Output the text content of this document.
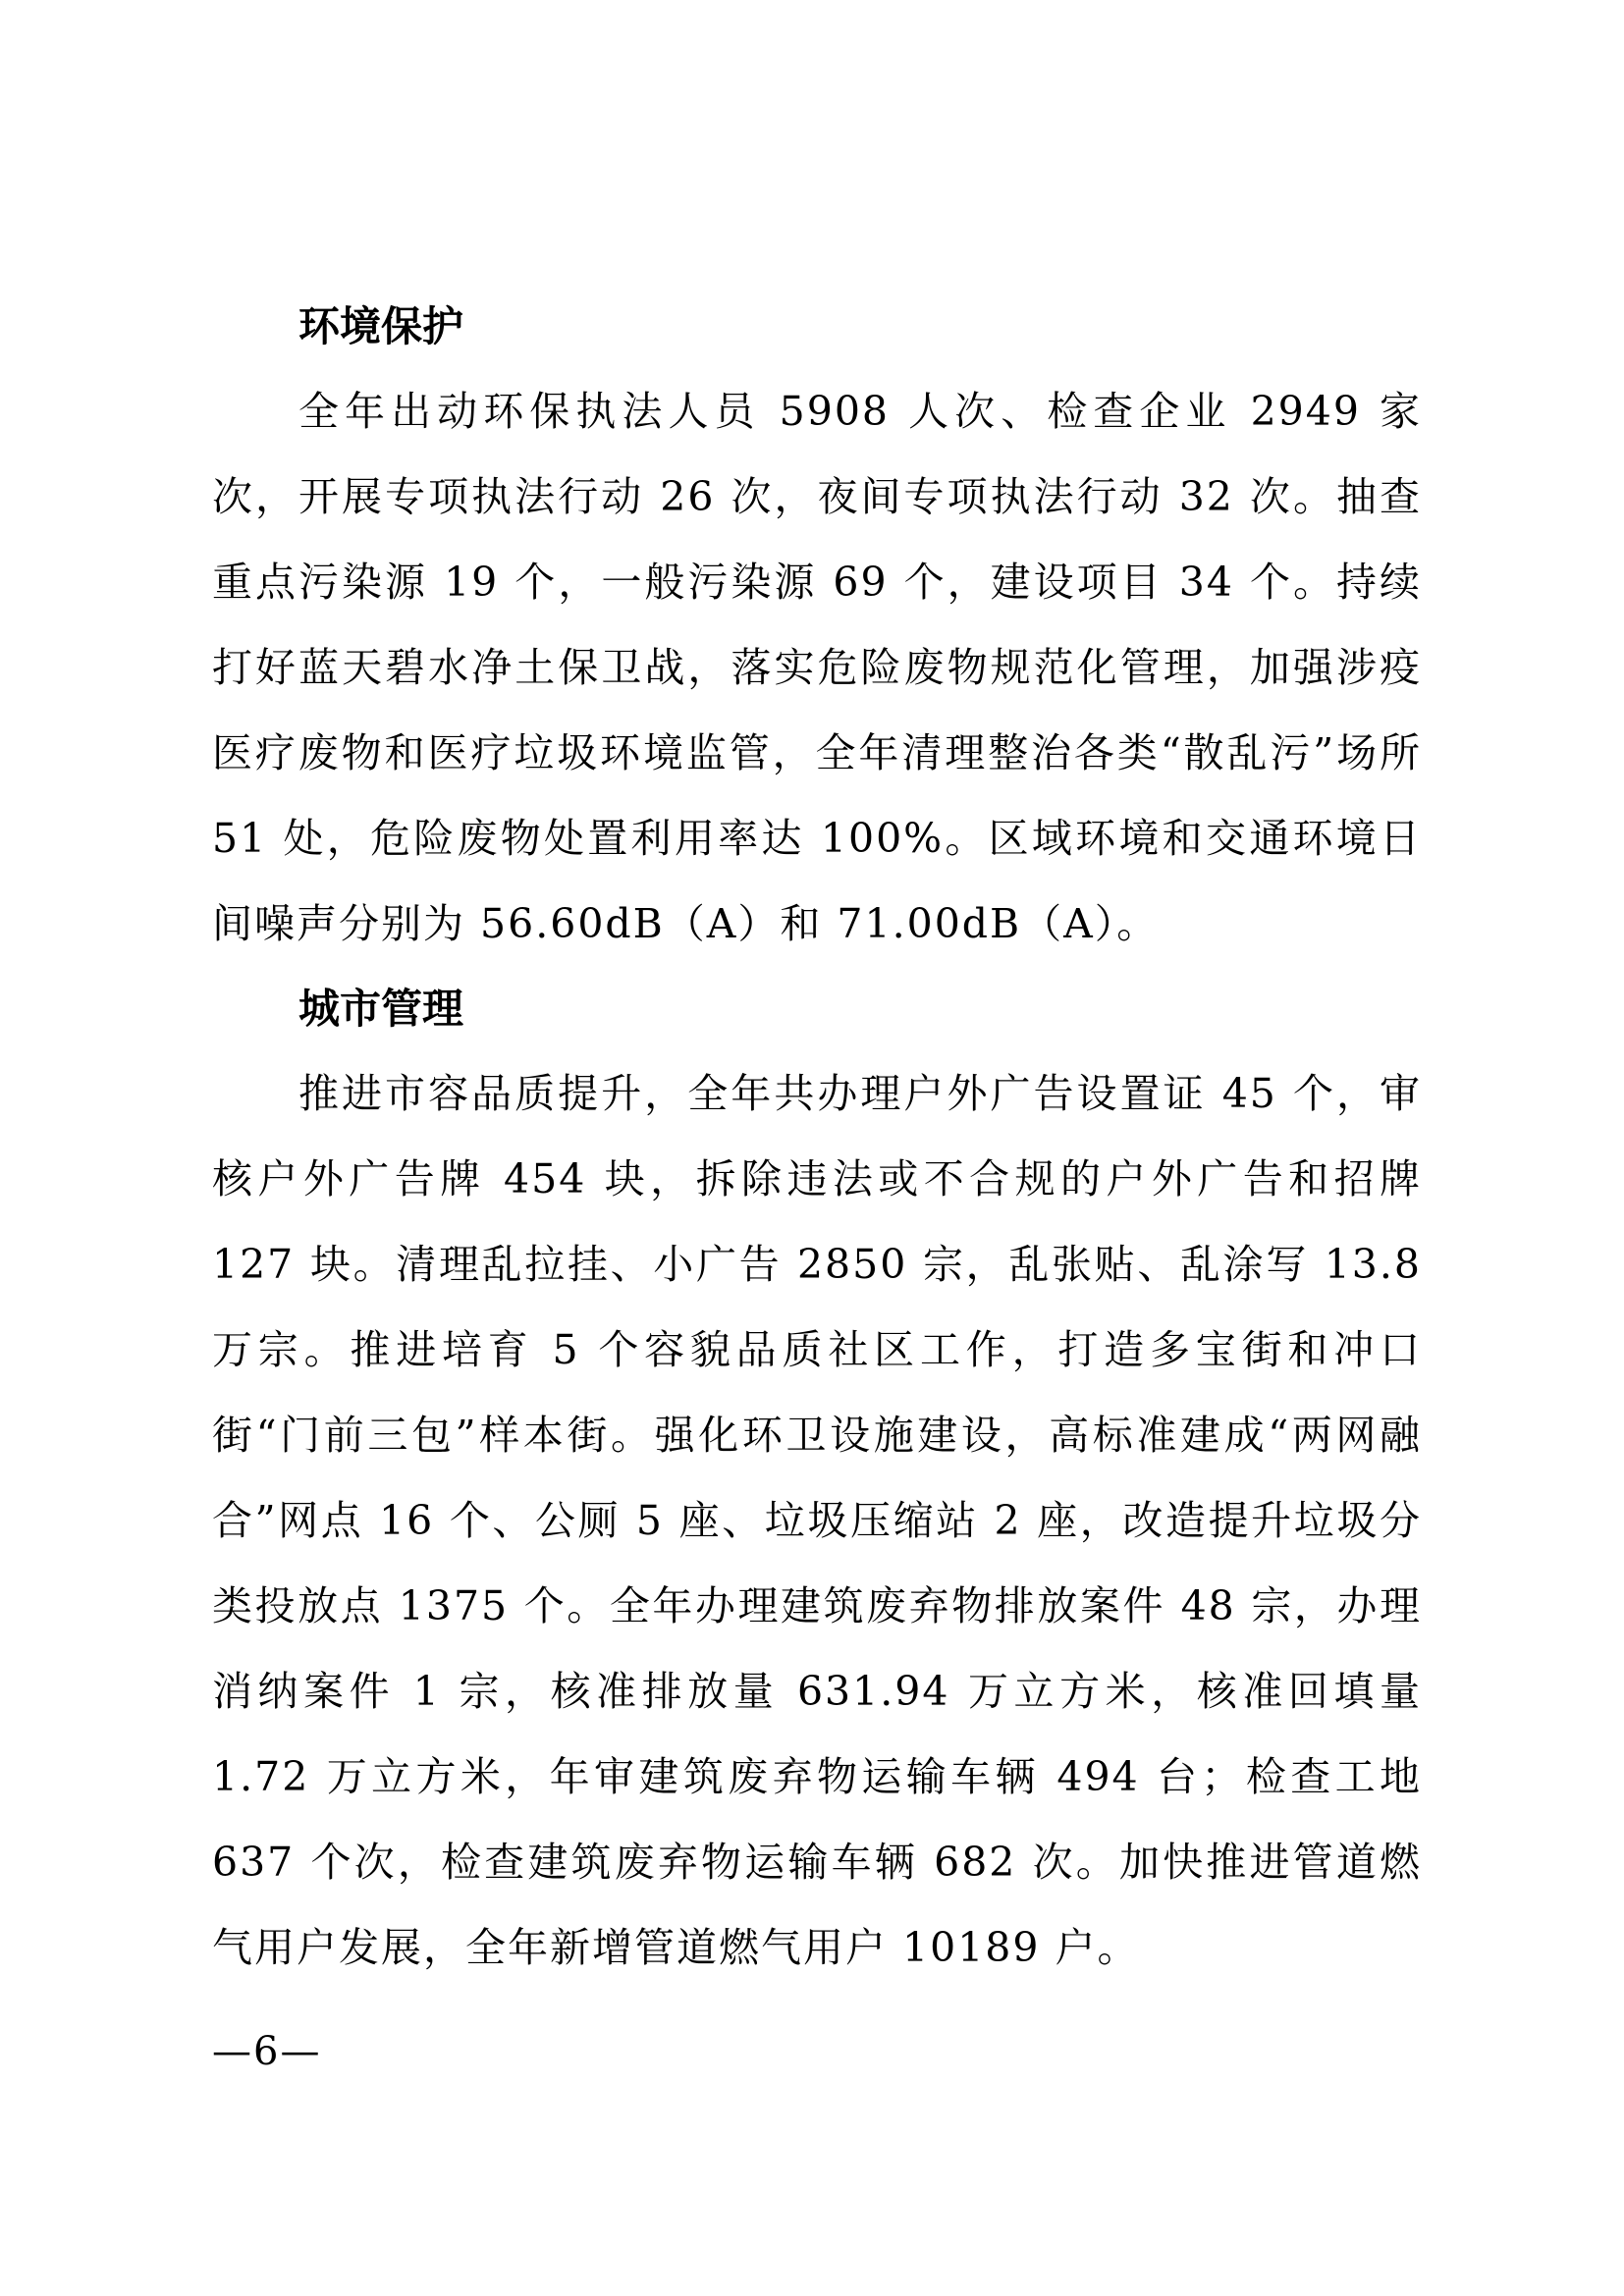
环境保护

全年出动环保执法人员 5908 人次、检查企业 2949 家次，开展专项执法行动 26 次，夜间专项执法行动 32 次。抽查重点污染源 19 个，一般污染源 69 个，建设项目 34 个。持续打好蓝天碧水净土保卫战，落实危险废物规范化管理，加强涉疫医疗废物和医疗垃圾环境监管，全年清理整治各类“散乱污”场所 51 处，危险废物处置利用率达 100%。区域环境和交通环境日间噪声分别为 56.60dB（A）和 71.00dB（A）。

城市管理

推进市容品质提升，全年共办理户外广告设置证 45 个，审核户外广告牌 454 块，拆除违法或不合规的户外广告和招牌 127 块。清理乱拉挂、小广告 2850 宗，乱张贴、乱涂写 13.8 万宗。推进培育 5 个容貌品质社区工作，打造多宝街和冲口街“门前三包”样本街。强化环卫设施建设，高标准建成“两网融合”网点 16 个、公厕 5 座、垃圾压缩站 2 座，改造提升垃圾分类投放点 1375 个。全年办理建筑废弃物排放案件 48 宗，办理消纳案件 1 宗，核准排放量 631.94 万立方米，核准回填量 1.72 万立方米，年审建筑废弃物运输车辆 494 台；检查工地 637 个次，检查建筑废弃物运输车辆 682 次。加快推进管道燃气用户发展，全年新增管道燃气用户 10189 户。

—6—
